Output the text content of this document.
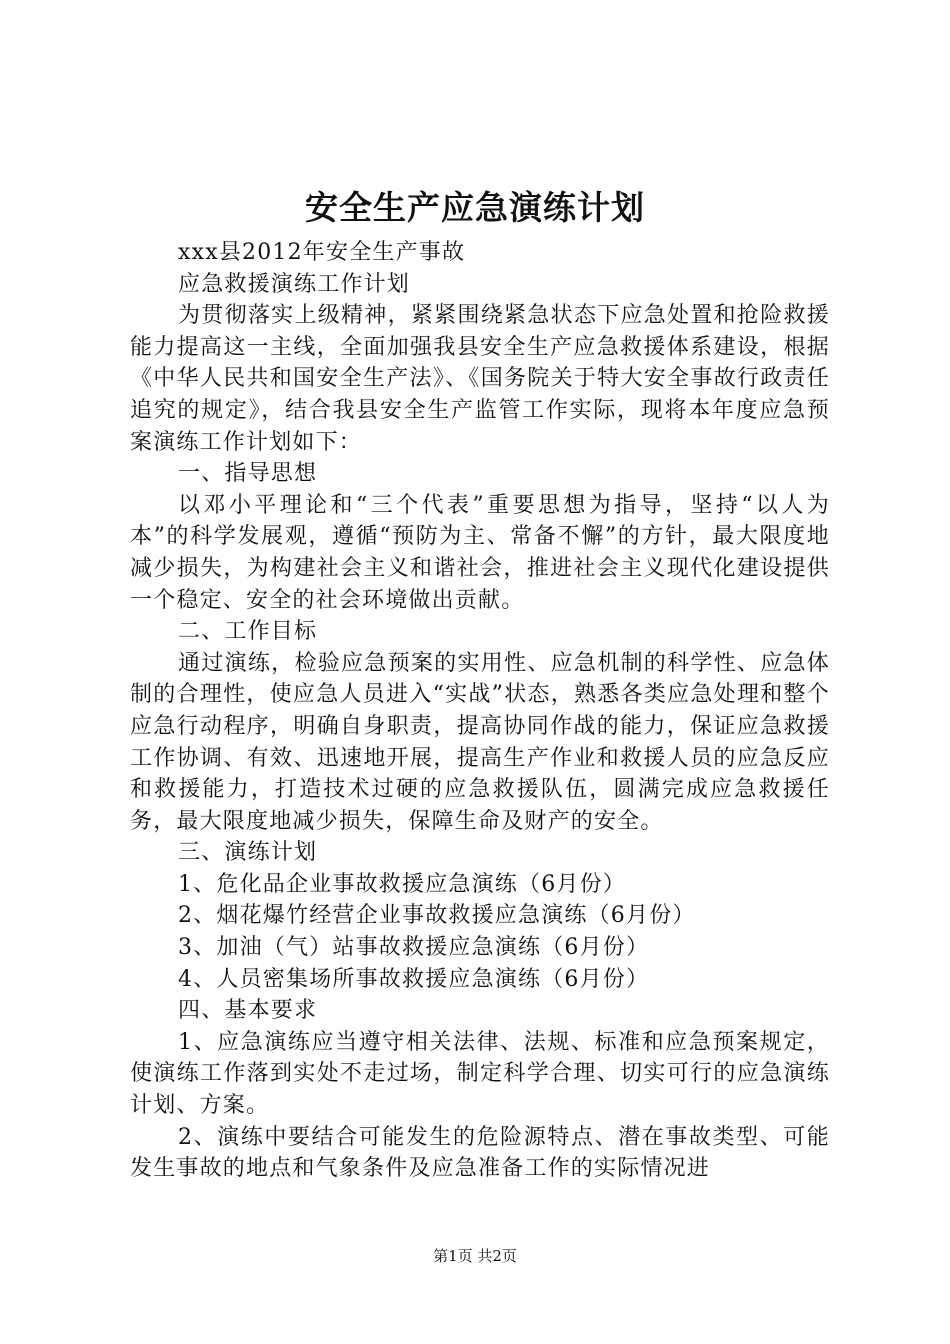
安全生产应急演练计划

xxx县2012年安全生产事故

应急救援演练工作计划

为贯彻落实上级精神，紧紧围绕紧急状态下应急处置和抢险救援能力提高这一主线，全面加强我县安全生产应急救援体系建设，根据《中华人民共和国安全生产法》、《国务院关于特大安全事故行政责任追究的规定》，结合我县安全生产监管工作实际，现将本年度应急预案演练工作计划如下：

一、指导思想

以邓小平理论和“三个代表”重要思想为指导，坚持“以人为本”的科学发展观，遵循“预防为主、常备不懈”的方针，最大限度地减少损失，为构建社会主义和谐社会，推进社会主义现代化建设提供一个稳定、安全的社会环境做出贡献。

二、工作目标

通过演练，检验应急预案的实用性、应急机制的科学性、应急体制的合理性，使应急人员进入“实战”状态，熟悉各类应急处理和整个应急行动程序，明确自身职责，提高协同作战的能力，保证应急救援工作协调、有效、迅速地开展，提高生产作业和救援人员的应急反应和救援能力，打造技术过硬的应急救援队伍，圆满完成应急救援任务，最大限度地减少损失，保障生命及财产的安全。

三、演练计划

1、危化品企业事故救援应急演练（6月份）

2、烟花爆竹经营企业事故救援应急演练（6月份）

3、加油（气）站事故救援应急演练（6月份）

4、人员密集场所事故救援应急演练（6月份）

四、基本要求

1、应急演练应当遵守相关法律、法规、标准和应急预案规定，使演练工作落到实处不走过场，制定科学合理、切实可行的应急演练计划、方案。

2、演练中要结合可能发生的危险源特点、潜在事故类型、可能发生事故的地点和气象条件及应急准备工作的实际情况进

第1页 共2页
